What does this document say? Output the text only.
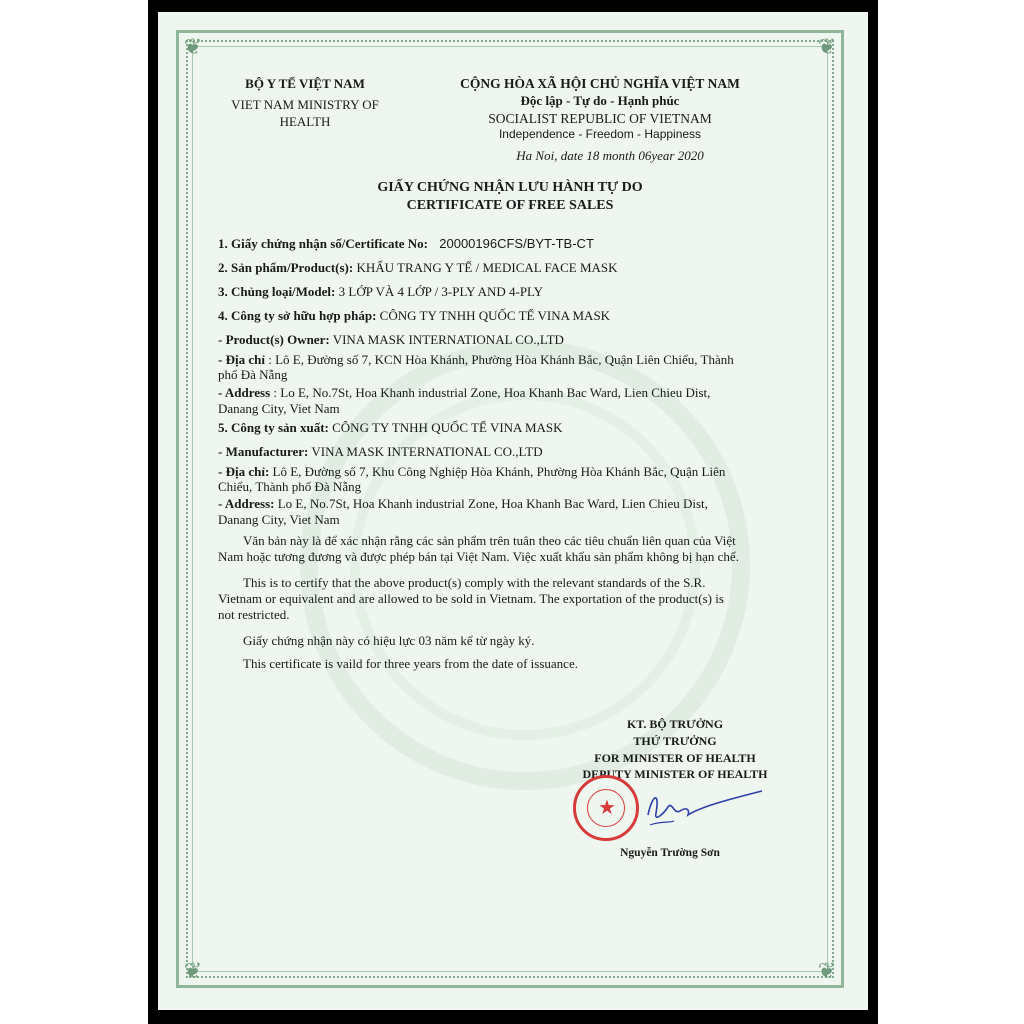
❦	❦
❦	❦
BỘ Y TẾ VIỆT NAM
VIET NAM MINISTRY OF
HEALTH
CỘNG HÒA XÃ HỘI CHỦ NGHĨA VIỆT NAM
Độc lập - Tự do - Hạnh phúc
SOCIALIST REPUBLIC OF VIETNAM
Independence - Freedom - Happiness
Ha Noi, date 18 month 06year 2020
GIẤY CHỨNG NHẬN LƯU HÀNH TỰ DO
CERTIFICATE OF FREE SALES
1. Giấy chứng nhận số/Certificate No: 20000196CFS/BYT-TB-CT
2. Sản phẩm/Product(s): KHẨU TRANG Y TẾ / MEDICAL FACE MASK
3. Chủng loại/Model: 3 LỚP VÀ 4 LỚP / 3-PLY AND 4-PLY
4. Công ty sở hữu hợp pháp: CÔNG TY TNHH QUỐC TẾ VINA MASK
- Product(s) Owner: VINA MASK INTERNATIONAL CO.,LTD
- Địa chỉ : Lô E, Đường số 7, KCN Hòa Khánh, Phường Hòa Khánh Bắc, Quận Liên Chiểu, Thành
phố Đà Nẵng
- Address : Lo E, No.7St, Hoa Khanh industrial Zone, Hoa Khanh Bac Ward, Lien Chieu Dist,
Danang City, Viet Nam
5. Công ty sản xuất: CÔNG TY TNHH QUỐC TẾ VINA MASK
- Manufacturer: VINA MASK INTERNATIONAL CO.,LTD
- Địa chỉ: Lô E, Đường số 7, Khu Công Nghiệp Hòa Khánh, Phường Hòa Khánh Bắc, Quận Liên
Chiểu, Thành phố Đà Nẵng
- Address: Lo E, No.7St, Hoa Khanh industrial Zone, Hoa Khanh Bac Ward, Lien Chieu Dist,
Danang City, Viet Nam
Văn bản này là để xác nhận rằng các sản phẩm trên tuân theo các tiêu chuẩn liên quan của Việt
Nam hoặc tương đương và được phép bán tại Việt Nam. Việc xuất khẩu sản phẩm không bị hạn chế.
This is to certify that the above product(s) comply with the relevant standards of the S.R.
Vietnam or equivalent and are allowed to be sold in Vietnam. The exportation of the product(s) is
not restricted.
Giấy chứng nhận này có hiệu lực 03 năm kể từ ngày ký.
This certificate is vaild for three years from the date of issuance.
KT. BỘ TRƯỞNG
THỨ TRƯỞNG
FOR MINISTER OF HEALTH
DEPUTY MINISTER OF HEALTH
★
Nguyễn Trường Sơn
